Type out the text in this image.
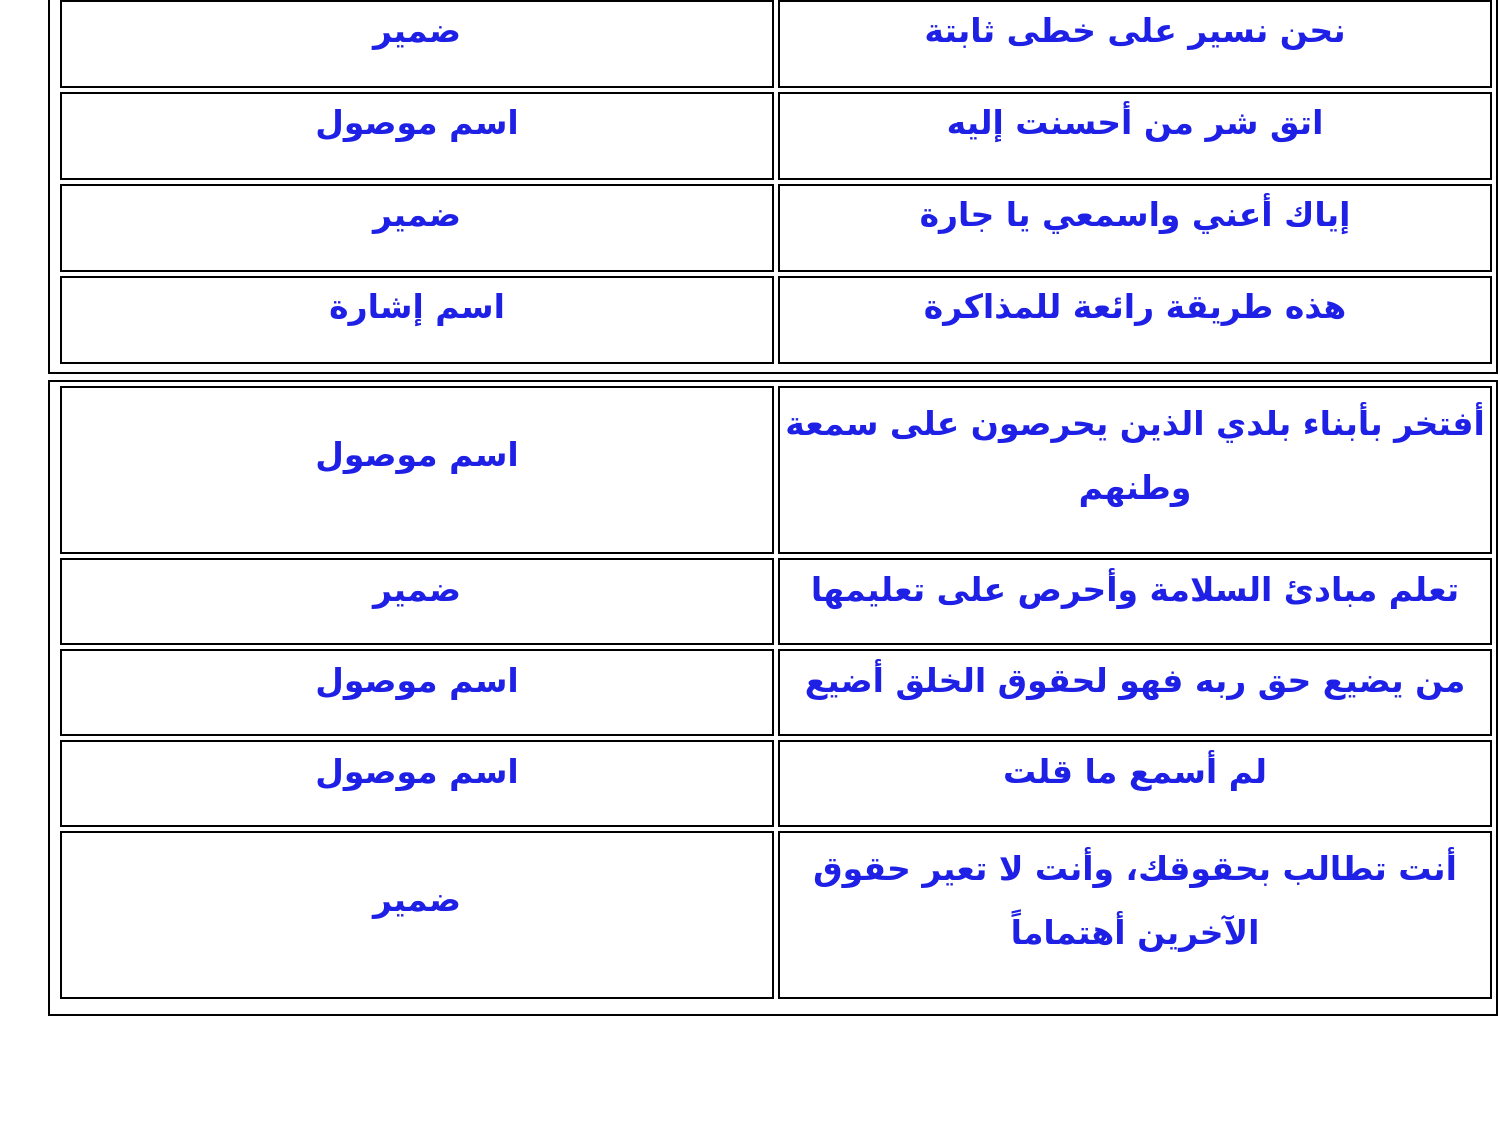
نحن نسير على خطى ثابتة
ضمير
اتق شر من أحسنت إليه
اسم موصول
إياك أعني واسمعي يا جارة
ضمير
هذه طريقة رائعة للمذاكرة
اسم إشارة
أفتخر بأبناء بلدي الذين يحرصون على سمعة وطنهم
اسم موصول
تعلم مبادئ السلامة وأحرص على تعليمها
ضمير
من يضيع حق ربه فهو لحقوق الخلق أضيع
اسم موصول
لم أسمع ما قلت
اسم موصول
أنت تطالب بحقوقك، وأنت لا تعير حقوق الآخرين أهتماماً
ضمير
